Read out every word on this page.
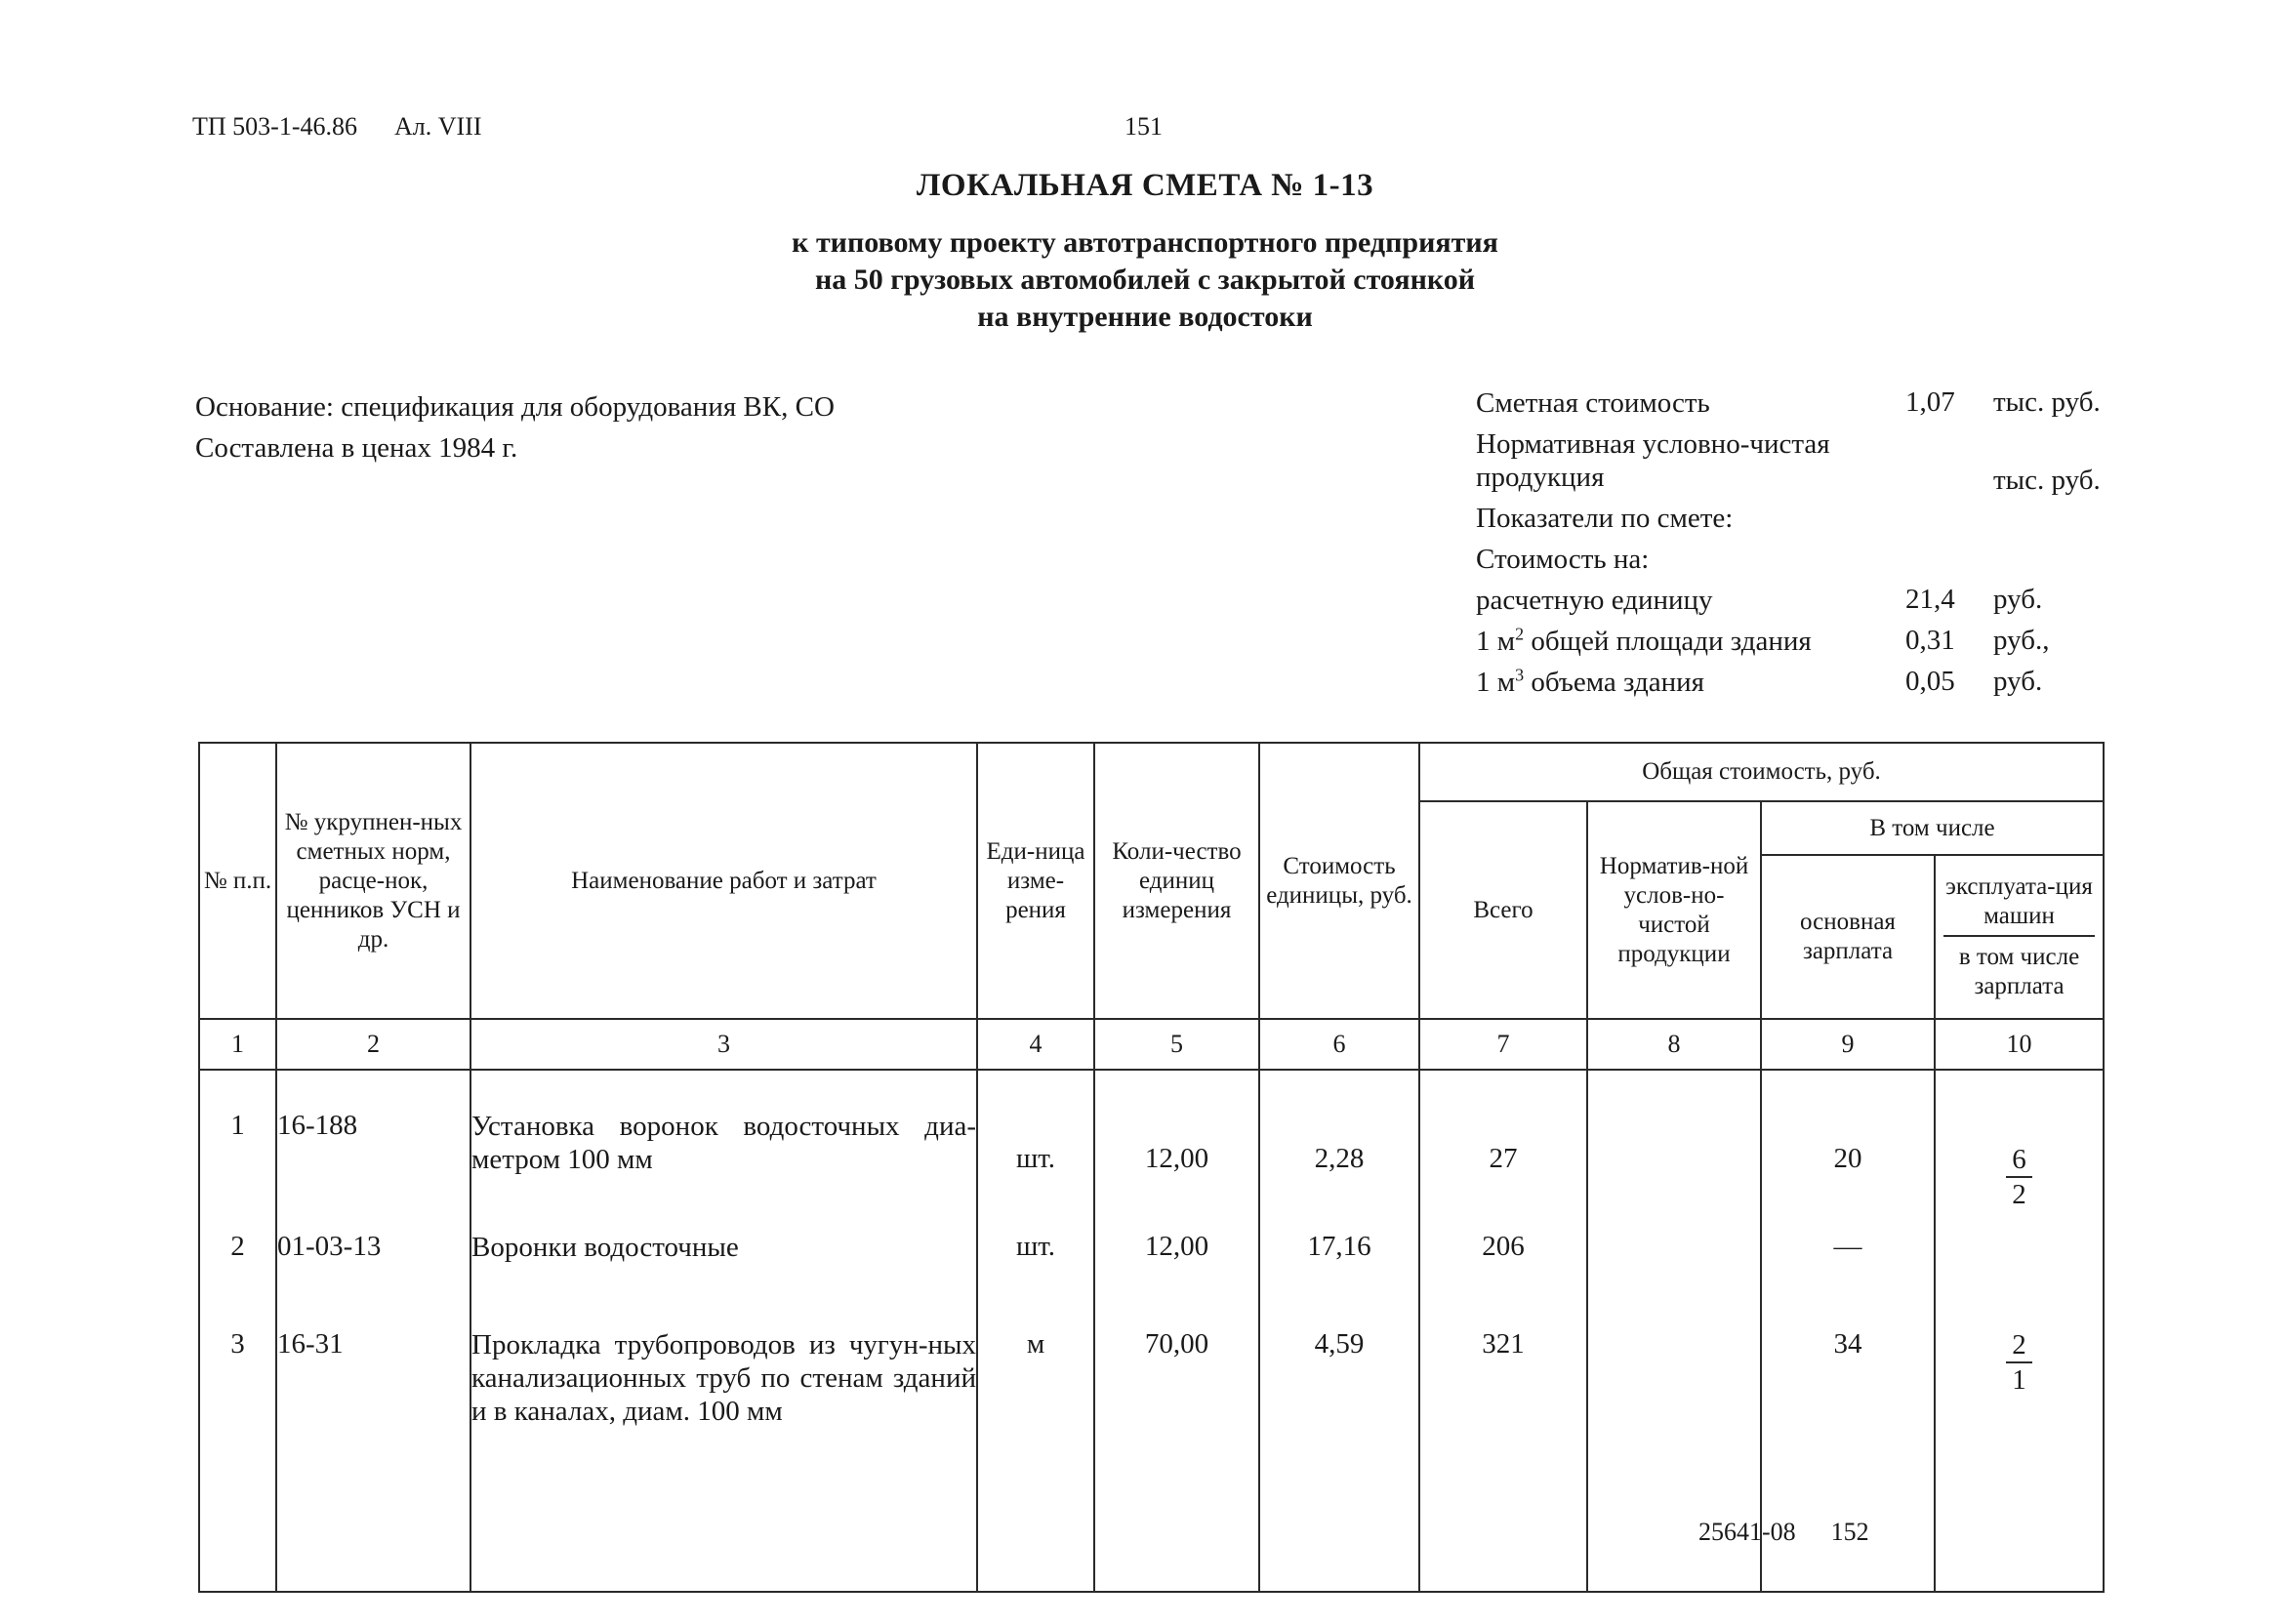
ТП 503-1-46.86 Ал. VIII	151
ЛОКАЛЬНАЯ СМЕТА № 1-13
к типовому проекту автотранспортного предприятия
на 50 грузовых автомобилей с закрытой стоянкой
на внутренние водостоки
Основание: спецификация для оборудования ВК, СО
Составлена в ценах 1984 г.
Сметная стоимость	1,07 тыс. руб.
Нормативная условно-чистая
продукция	тыс. руб.
Показатели по смете:
Стоимость на:
расчетную единицу	21,4 руб.
1 $м^2$ общей площади здания	0,31 руб.,
1 $м^3$ объема здания	0,05 руб.
№ п.п.	№ укрупнен-ных сметных норм, расце-нок, ценников УСН и др.	Наименование работ и затрат	Еди-ница изме-рения	Коли-чество единиц измерения	Стоимость единицы, руб.	Общая стоимость, руб.			
						Всего	Норматив-ной услов-но-чистой продукции	В том числе	
								основная зарплата	эксплуата-ция машин
в том числе зарплата

1	2	3	4	5	6	7	8	9	10
1	16-188	Установка воронок водосточных диа-метром 100 мм	шт.	12,00	2,28	27		20	$\frac{6}{2}$

2	01-03-13	Воронки водосточные	шт.	12,00	17,16	206		—	
3	16-31	Прокладка трубопроводов из чугун-ных канализационных труб по стенам зданий и в каналах, диам. 100 мм	м	70,00	4,59	321		34	$\frac{2}{1}$
25641-08 152
